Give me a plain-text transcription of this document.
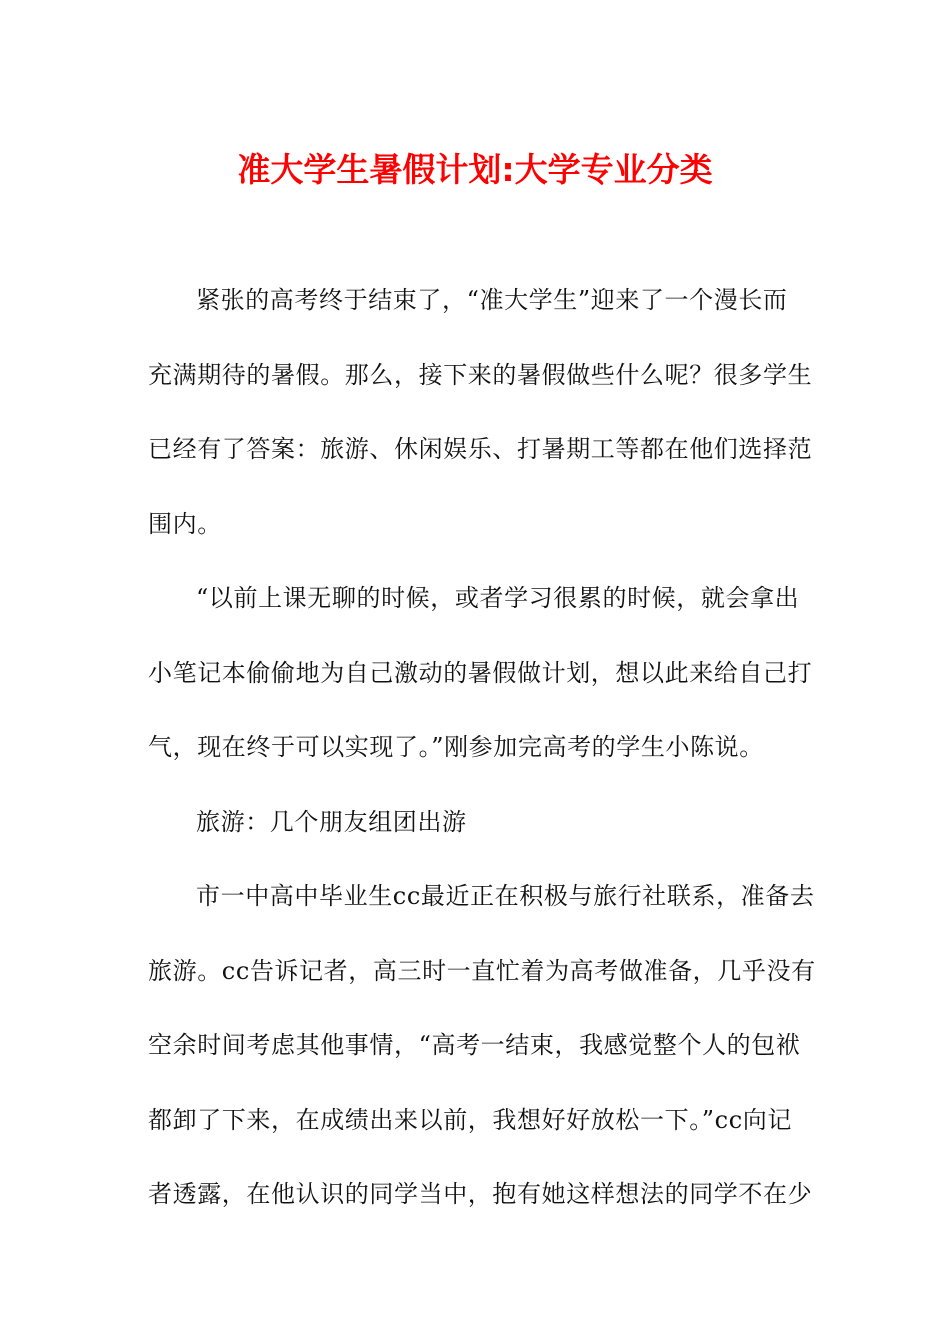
准大学生暑假计划:大学专业分类
紧张的高考终于结束了，“准大学生”迎来了一个漫长而
充满期待的暑假。那么，接下来的暑假做些什么呢？很多学生
已经有了答案：旅游、休闲娱乐、打暑期工等都在他们选择范
围内。
“以前上课无聊的时候，或者学习很累的时候，就会拿出
小笔记本偷偷地为自己激动的暑假做计划，想以此来给自己打
气，现在终于可以实现了。”刚参加完高考的学生小陈说。
旅游：几个朋友组团出游
市一中高中毕业生cc最近正在积极与旅行社联系，准备去
旅游。cc告诉记者，高三时一直忙着为高考做准备，几乎没有
空余时间考虑其他事情，“高考一结束，我感觉整个人的包袱
都卸了下来，在成绩出来以前，我想好好放松一下。”cc向记
者透露，在他认识的同学当中，抱有她这样想法的同学不在少
